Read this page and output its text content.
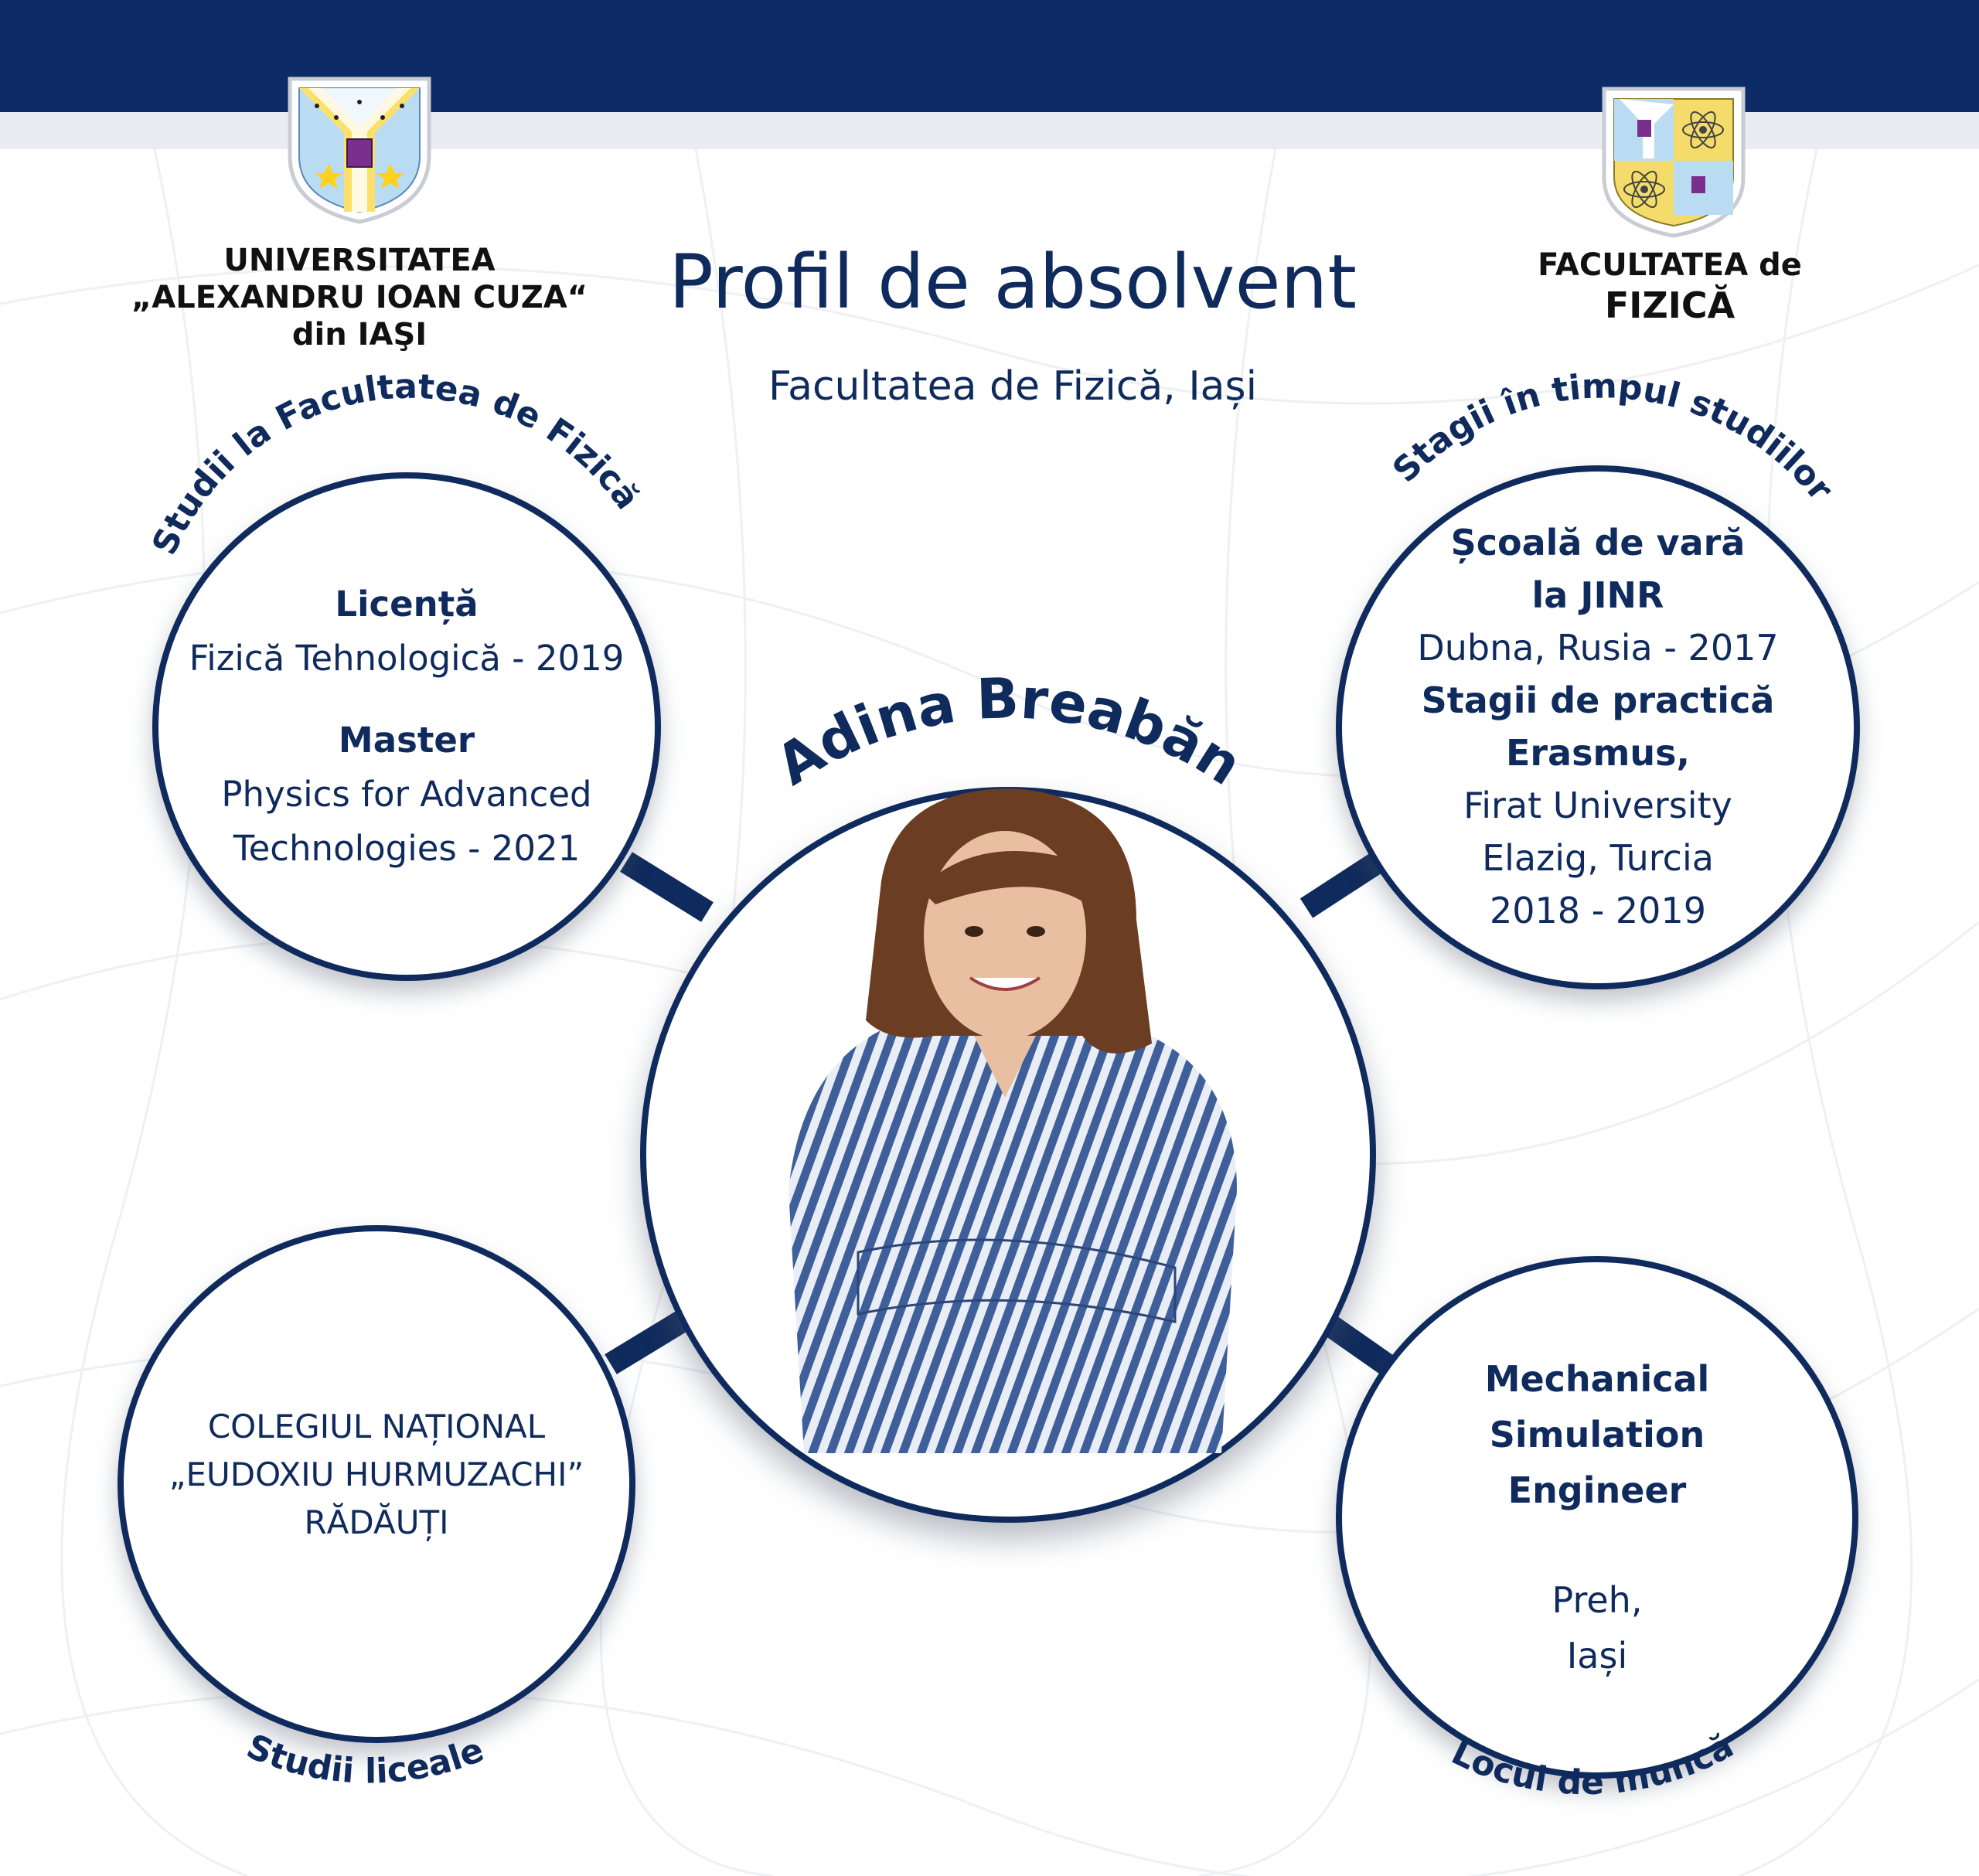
UNIVERSITATEA
„ALEXANDRU IOAN CUZA“
din IAŞI
FACULTATEA de
FIZICĂ
Profil de absolvent
Facultatea de Fizică, Iași
Studii la Facultatea de Fizică
Stagii în timpul studiilor
Studii liceale	Locul de muncă
Adina Breabăn
Licență
Fizică Tehnologică - 2019
Master
Physics for Advanced
Technologies - 2021
Școală de vară
la JINR
Dubna, Rusia - 2017
Stagii de practică
Erasmus,
Firat University
Elazig, Turcia
2018 - 2019
COLEGIUL NAȚIONAL
„EUDOXIU HURMUZACHI”
RĂDĂUȚI
Mechanical
Simulation
Engineer
Preh,
Iași
